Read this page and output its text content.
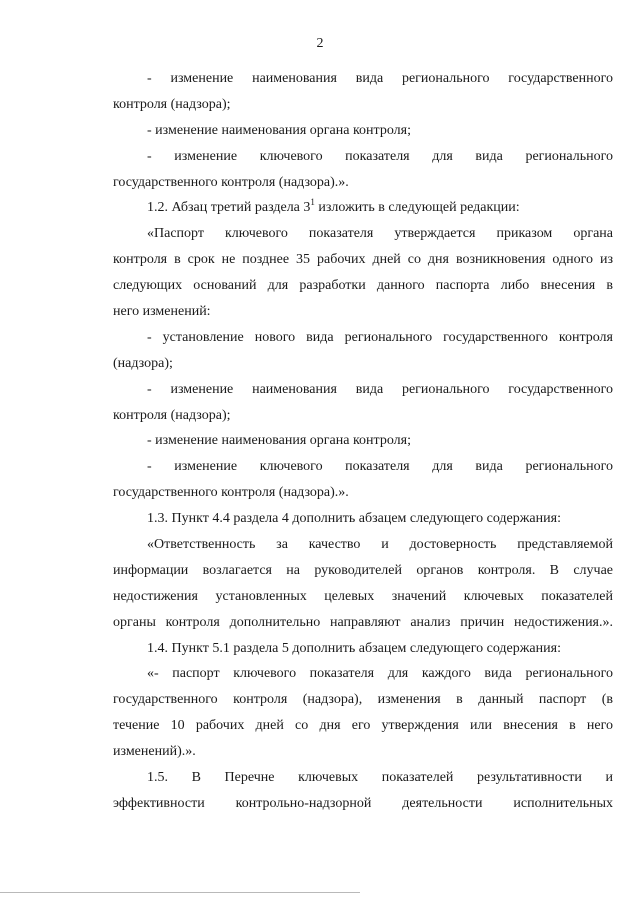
2
- изменение наименования вида регионального государственного
контроля (надзора);
- изменение наименования органа контроля;
- изменение ключевого показателя для вида регионального
государственного контроля (надзора).».
1.2. Абзац третий раздела $3^1$ изложить в следующей редакции:
«Паспорт ключевого показателя утверждается приказом органа
контроля в срок не позднее 35 рабочих дней со дня возникновения одного из
следующих оснований для разработки данного паспорта либо внесения в
него изменений:
- установление нового вида регионального государственного контроля
(надзора);
- изменение наименования вида регионального государственного
контроля (надзора);
- изменение наименования органа контроля;
- изменение ключевого показателя для вида регионального
государственного контроля (надзора).».
1.3. Пункт 4.4 раздела 4 дополнить абзацем следующего содержания:
«Ответственность за качество и достоверность представляемой
информации возлагается на руководителей органов контроля. В случае
недостижения установленных целевых значений ключевых показателей
органы контроля дополнительно направляют анализ причин недостижения.».
1.4. Пункт 5.1 раздела 5 дополнить абзацем следующего содержания:
«- паспорт ключевого показателя для каждого вида регионального
государственного контроля (надзора), изменения в данный паспорт (в
течение 10 рабочих дней со дня его утверждения или внесения в него
изменений).».
1.5. В Перечне ключевых показателей результативности и
эффективности контрольно-надзорной деятельности исполнительных
